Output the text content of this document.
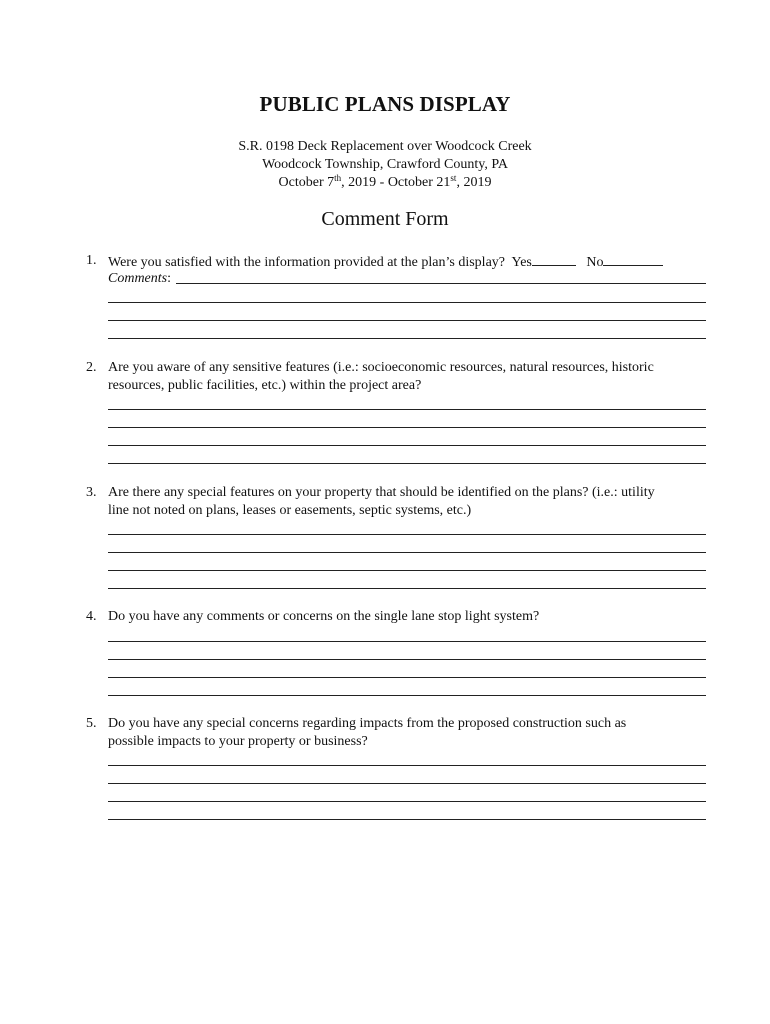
PUBLIC PLANS DISPLAY
S.R. 0198 Deck Replacement over Woodcock Creek
Woodcock Township, Crawford County, PA
October 7th, 2019 - October 21st, 2019
Comment Form
1. Were you satisfied with the information provided at the plan’s display? Yes	No
Comments:
2. Are you aware of any sensitive features (i.e.: socioeconomic resources, natural resources, historic
resources, public facilities, etc.) within the project area?
3. Are there any special features on your property that should be identified on the plans? (i.e.: utility
line not noted on plans, leases or easements, septic systems, etc.)
4. Do you have any comments or concerns on the single lane stop light system?
5. Do you have any special concerns regarding impacts from the proposed construction such as
possible impacts to your property or business?
